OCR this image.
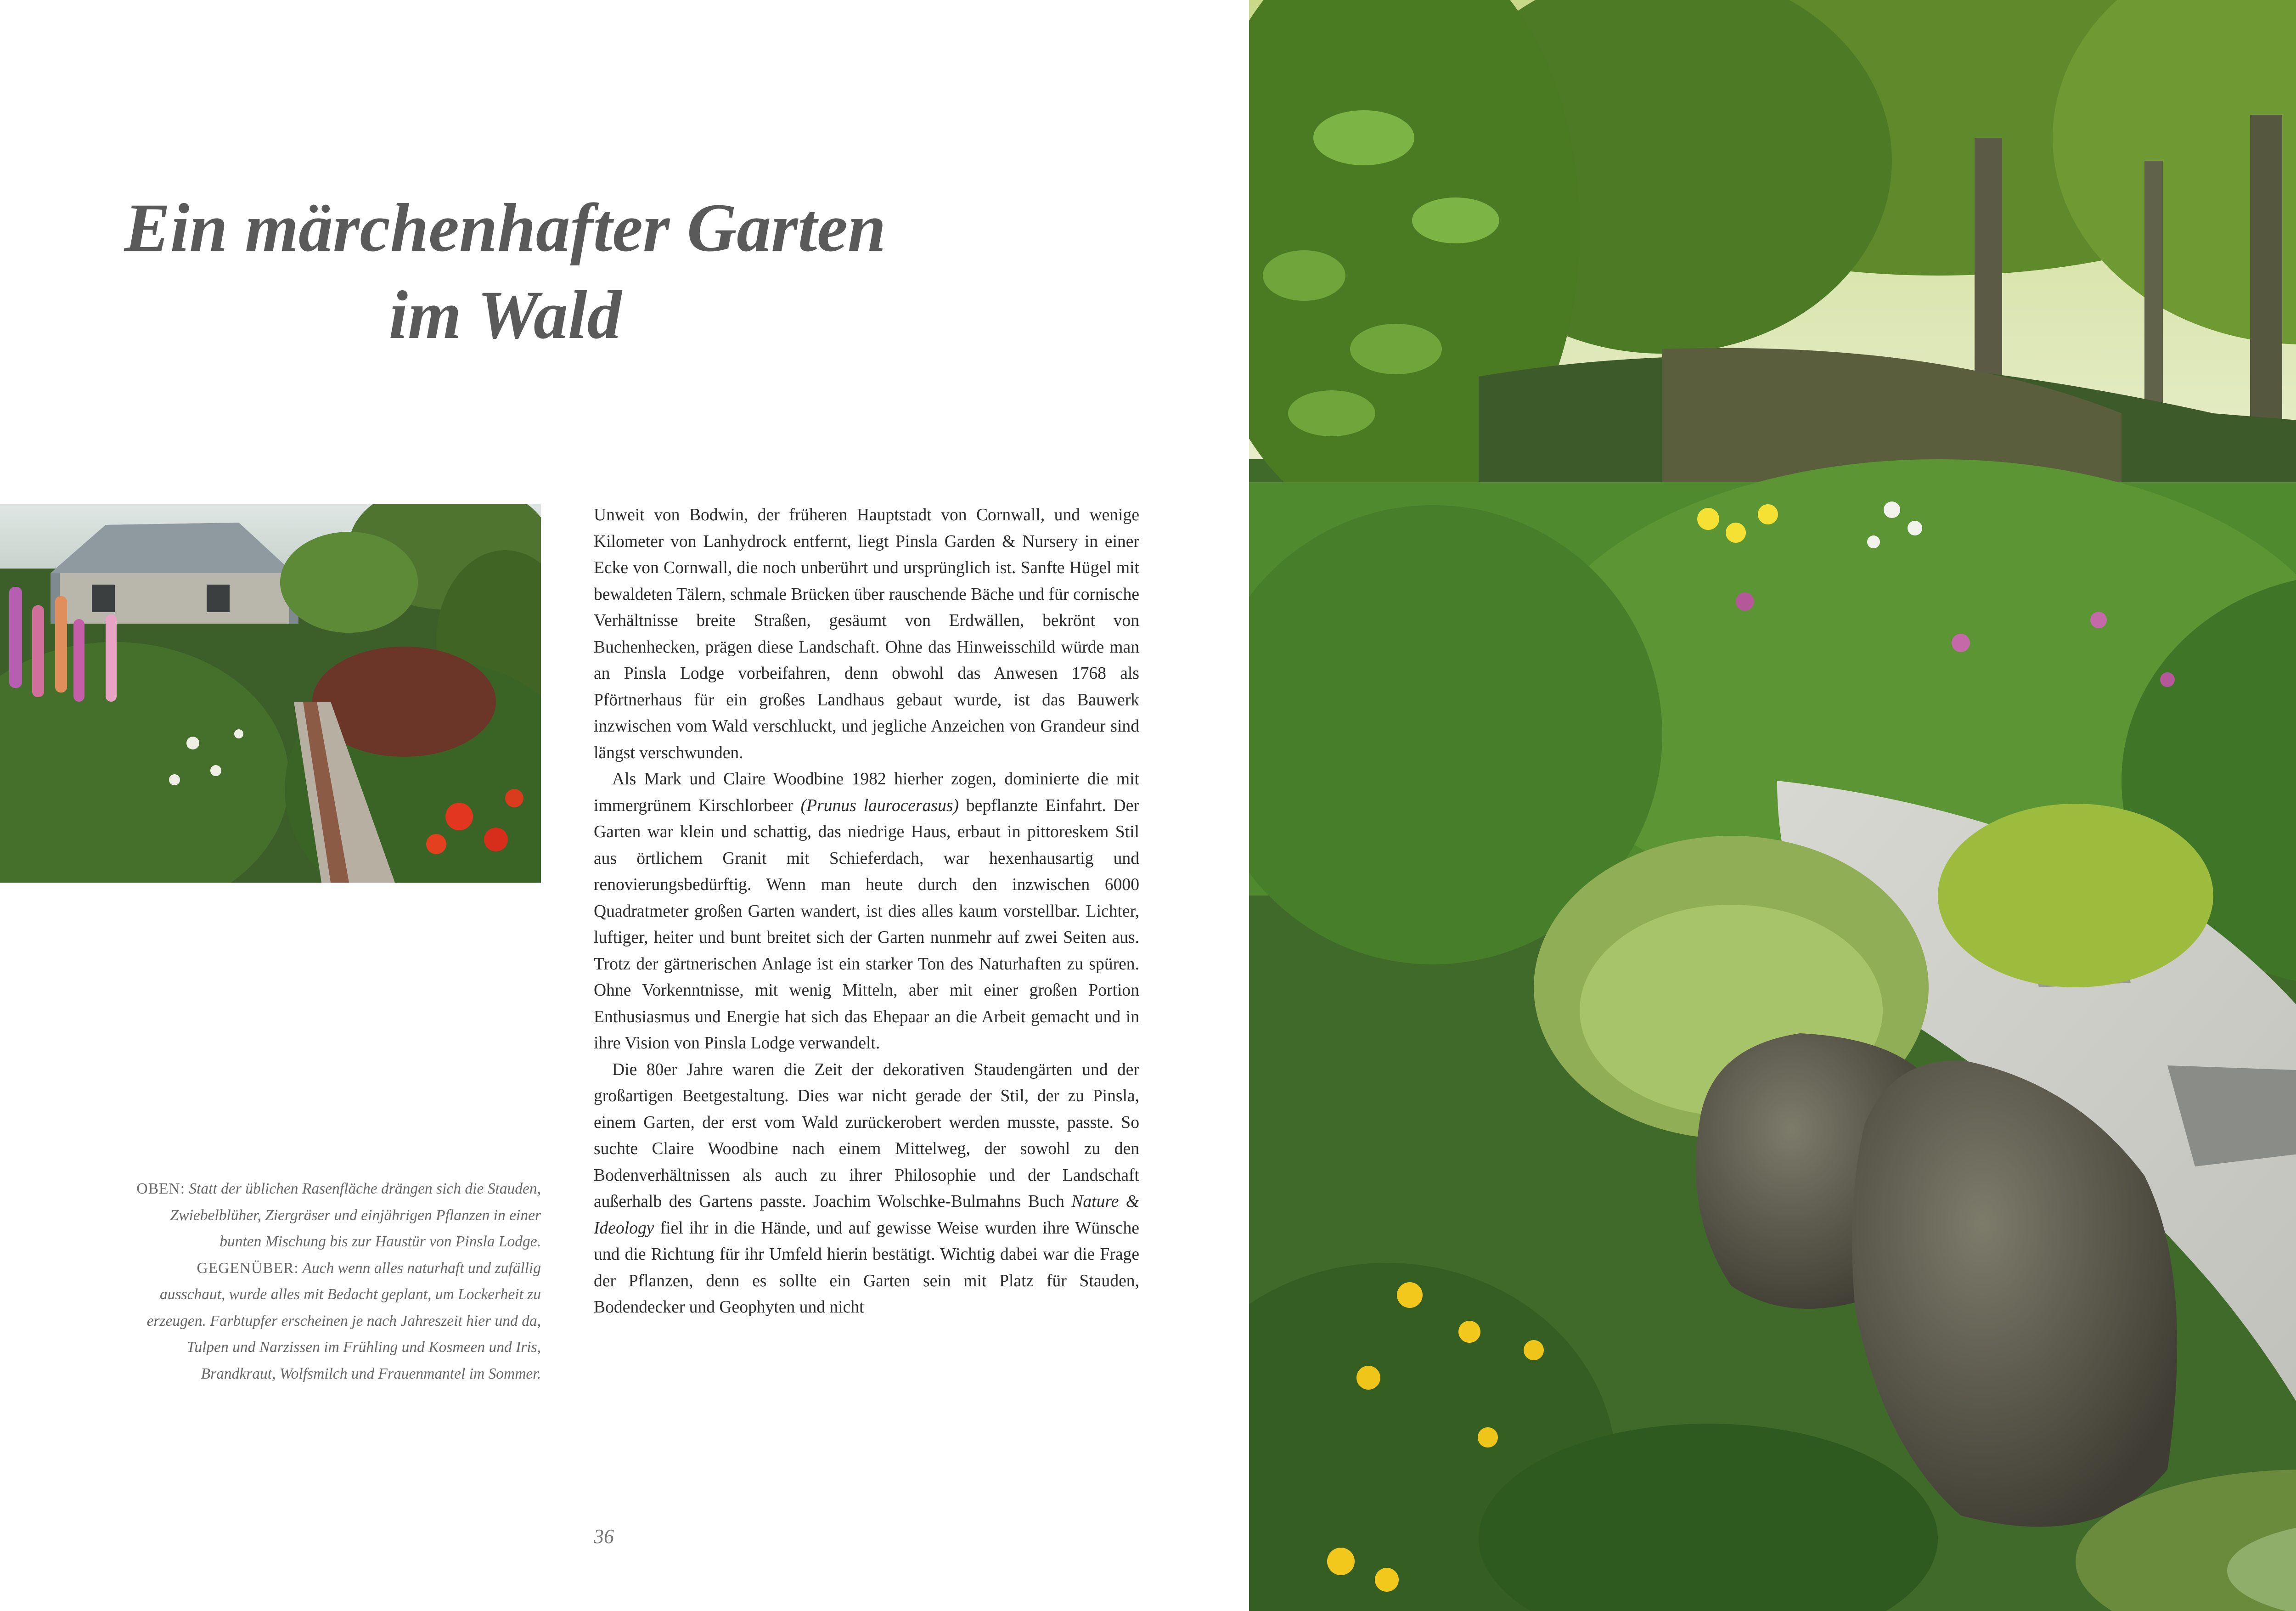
Ein märchenhafter Garten
im Wald
OBEN: Statt der üblichen Rasenfläche drängen sich die Stauden, Zwiebelblüher, Ziergräser und einjährigen Pflanzen in einer bunten Mischung bis zur Haustür von Pinsla Lodge. GEGENÜBER: Auch wenn alles naturhaft und zufällig ausschaut, wurde alles mit Bedacht geplant, um Lockerheit zu erzeugen. Farbtupfer erscheinen je nach Jahreszeit hier und da, Tulpen und Narzissen im Frühling und Kosmeen und Iris, Brandkraut, Wolfsmilch und Frauenmantel im Sommer.

Unweit von Bodwin, der früheren Hauptstadt von Cornwall, und wenige Kilometer von Lanhydrock entfernt, liegt Pinsla Garden & Nursery in einer Ecke von Cornwall, die noch unberührt und ursprünglich ist. Sanfte Hügel mit bewaldeten Tälern, schmale Brücken über rauschende Bäche und für cornische Verhältnisse breite Straßen, gesäumt von Erdwällen, bekrönt von Buchenhecken, prägen diese Landschaft. Ohne das Hinweisschild würde man an Pinsla Lodge vorbeifahren, denn obwohl das Anwesen 1768 als Pförtnerhaus für ein großes Landhaus gebaut wurde, ist das Bauwerk inzwischen vom Wald verschluckt, und jegliche Anzeichen von Grandeur sind längst verschwunden.

Als Mark und Claire Woodbine 1982 hierher zogen, dominierte die mit immergrünem Kirschlorbeer (Prunus laurocerasus) bepflanzte Einfahrt. Der Garten war klein und schattig, das niedrige Haus, erbaut in pittoreskem Stil aus örtlichem Granit mit Schieferdach, war hexenhausartig und renovierungsbedürftig. Wenn man heute durch den inzwischen 6000 Quadratmeter großen Garten wandert, ist dies alles kaum vorstellbar. Lichter, luftiger, heiter und bunt breitet sich der Garten nunmehr auf zwei Seiten aus. Trotz der gärtnerischen Anlage ist ein starker Ton des Naturhaften zu spüren. Ohne Vorkenntnisse, mit wenig Mitteln, aber mit einer großen Portion Enthusiasmus und Energie hat sich das Ehepaar an die Arbeit gemacht und in ihre Vision von Pinsla Lodge verwandelt.

Die 80er Jahre waren die Zeit der dekorativen Staudengärten und der großartigen Beetgestaltung. Dies war nicht gerade der Stil, der zu Pinsla, einem Garten, der erst vom Wald zurückerobert werden musste, passte. So suchte Claire Woodbine nach einem Mittelweg, der sowohl zu den Bodenverhältnissen als auch zu ihrer Philosophie und der Landschaft außerhalb des Gartens passte. Joachim Wolschke-Bulmahns Buch Nature & Ideology fiel ihr in die Hände, und auf gewisse Weise wurden ihre Wünsche und die Richtung für ihr Umfeld hierin bestätigt. Wichtig dabei war die Frage der Pflanzen, denn es sollte ein Garten sein mit Platz für Stauden, Bodendecker und Geophyten und nicht

36
